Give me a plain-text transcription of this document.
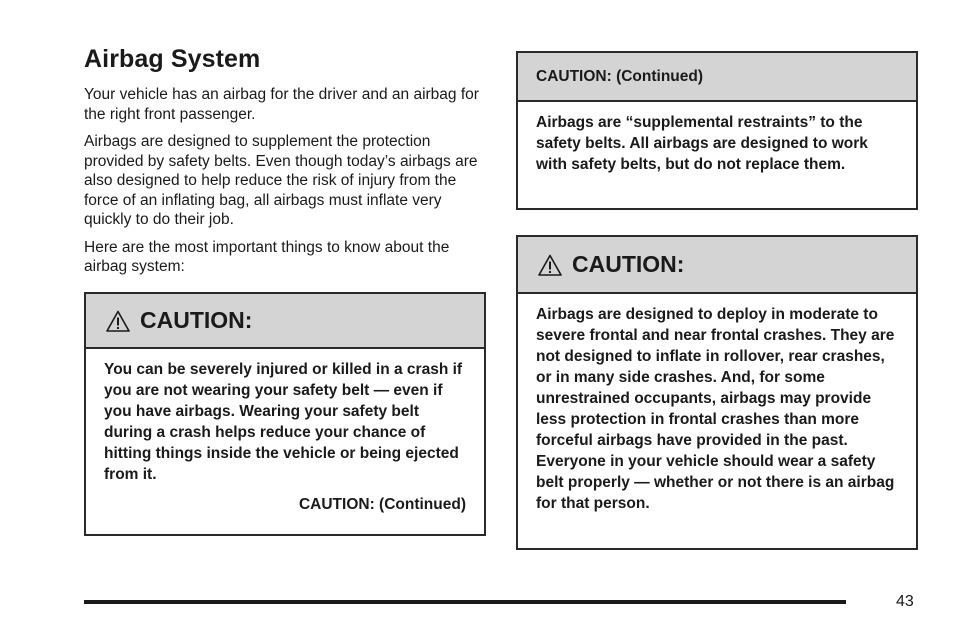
Airbag System

Your vehicle has an airbag for the driver and an airbag for the right front passenger.

Airbags are designed to supplement the protection provided by safety belts. Even though today’s airbags are also designed to help reduce the risk of injury from the force of an inflating bag, all airbags must inflate very quickly to do their job.

Here are the most important things to know about the airbag system:

CAUTION:
You can be severely injured or killed in a crash if you are not wearing your safety belt — even if you have airbags. Wearing your safety belt during a crash helps reduce your chance of hitting things inside the vehicle or being ejected from it.
CAUTION: (Continued)
CAUTION: (Continued)
Airbags are “supplemental restraints” to the safety belts. All airbags are designed to work with safety belts, but do not replace them.
CAUTION:
Airbags are designed to deploy in moderate to severe frontal and near frontal crashes. They are not designed to inflate in rollover, rear crashes, or in many side crashes. And, for some unrestrained occupants, airbags may provide less protection in frontal crashes than more forceful airbags have provided in the past. Everyone in your vehicle should wear a safety belt properly — whether or not there is an airbag for that person.
43
